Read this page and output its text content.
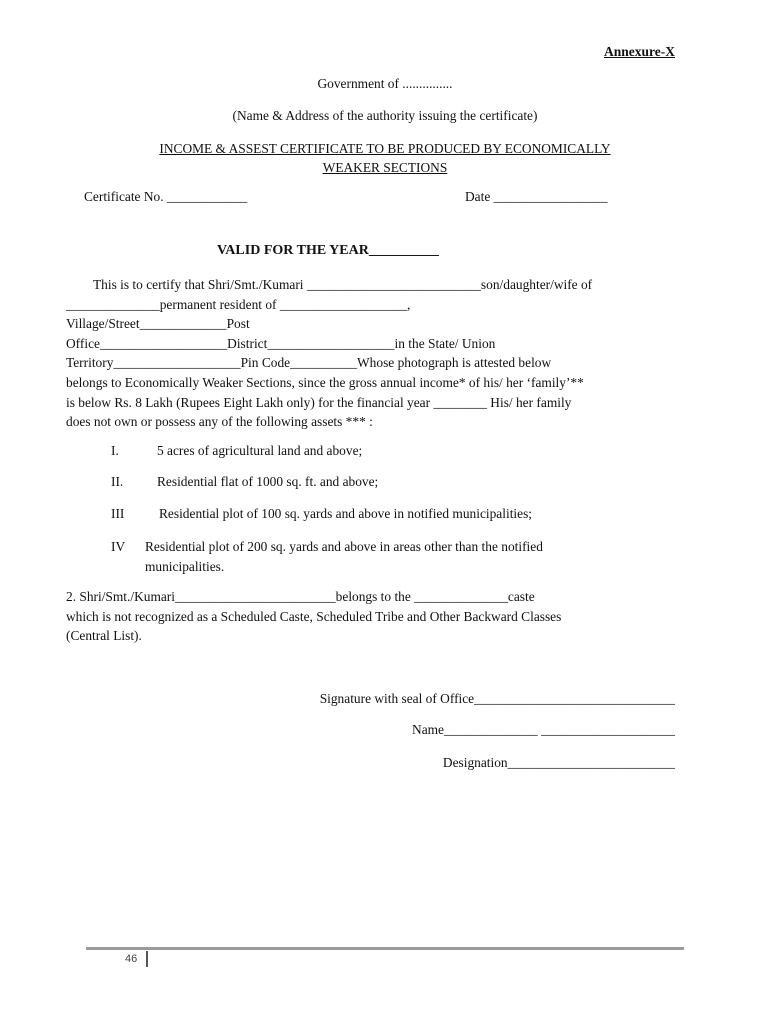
Annexure-X
Government of ...............
(Name & Address of the authority issuing the certificate)
INCOME & ASSEST CERTIFICATE TO BE PRODUCED BY ECONOMICALLY
WEAKER SECTIONS
Certificate No. ____________	Date _________________
VALID FOR THE YEAR__________
This is to certify that Shri/Smt./Kumari __________________________son/daughter/wife of
______________permanent resident of ___________________,
Village/Street_____________Post
Office___________________District___________________in the State/ Union
Territory___________________Pin Code__________Whose photograph is attested below
belongs to Economically Weaker Sections, since the gross annual income* of his/ her ‘family’**
is below Rs. 8 Lakh (Rupees Eight Lakh only) for the financial year ________ His/ her family
does not own or possess any of the following assets *** :
I.	5 acres of agricultural land and above;
II.	Residential flat of 1000 sq. ft. and above;
III	Residential plot of 100 sq. yards and above in notified municipalities;
IV Residential plot of 200 sq. yards and above in areas other than the notified
municipalities.
2. Shri/Smt./Kumari________________________belongs to the ______________caste
which is not recognized as a Scheduled Caste, Scheduled Tribe and Other Backward Classes
(Central List).
Signature with seal of Office______________________________
Name______________ ____________________
Designation_________________________
46
